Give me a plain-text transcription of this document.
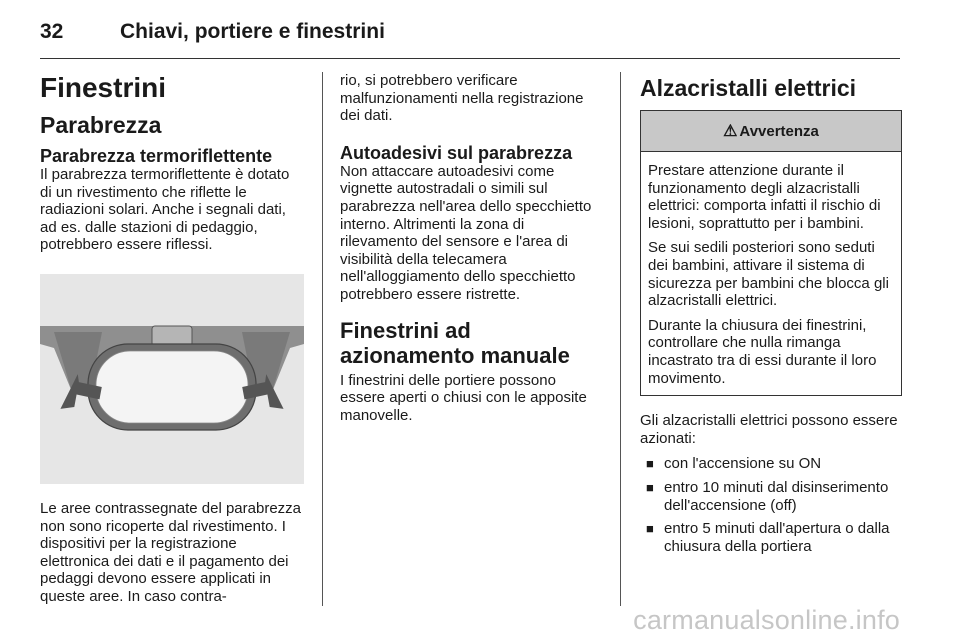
32	Chiavi, portiere e finestrini
Finestrini
Parabrezza
Parabrezza termoriflettente

Il parabrezza termoriflettente è dotato di un rivestimento che riflette le radiazioni solari. Anche i segnali dati, ad es. dalle stazioni di pedaggio, potrebbero essere riflessi.

Le aree contrassegnate del parabrezza non sono ricoperte dal rivestimento. I dispositivi per la registrazione elettronica dei dati e il pagamento dei pedaggi devono essere applicati in queste aree. In caso contra-

rio, si potrebbero verificare malfunzionamenti nella registrazione dei dati.

Autoadesivi sul parabrezza

Non attaccare autoadesivi come vignette autostradali o simili sul parabrezza nell'area dello specchietto interno. Altrimenti la zona di rilevamento del sensore e l'area di visibilità della telecamera nell'alloggiamento dello specchietto potrebbero essere ristrette.

Finestrini ad azionamento manuale

I finestrini delle portiere possono essere aperti o chiusi con le apposite manovelle.

Alzacristalli elettrici
⚠ Avvertenza

Prestare attenzione durante il funzionamento degli alzacristalli elettrici: comporta infatti il rischio di lesioni, soprattutto per i bambini.

Se sui sedili posteriori sono seduti dei bambini, attivare il sistema di sicurezza per bambini che blocca gli alzacristalli elettrici.

Durante la chiusura dei finestrini, controllare che nulla rimanga incastrato tra di essi durante il loro movimento.

Gli alzacristalli elettrici possono essere azionati:

■ con l'accensione su ON
■ entro 10 minuti dal disinserimento dell'accensione (off)
■ entro 5 minuti dall'apertura o dalla chiusura della portiera
carmanualsonline.info
